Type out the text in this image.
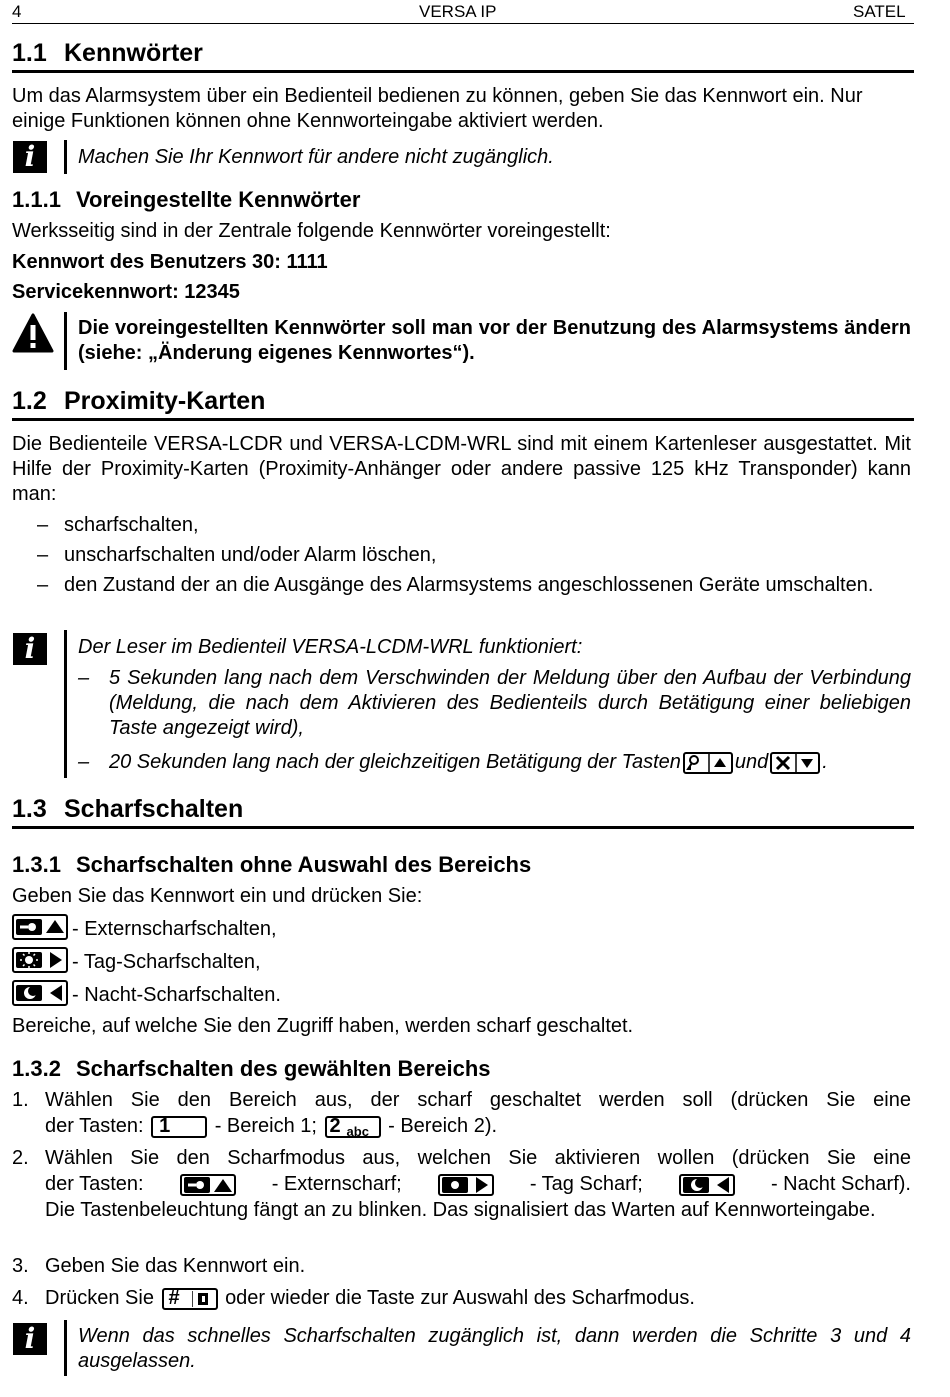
4	VERSA IP	SATEL
1.1 Kennwörter
Um das Alarmsystem über ein Bedienteil bedienen zu können, geben Sie das Kennwort ein. Nur einige Funktionen können ohne Kennworteingabe aktiviert werden.
i	Machen Sie Ihr Kennwort für andere nicht zugänglich.
1.1.1 Voreingestellte Kennwörter
Werksseitig sind in der Zentrale folgende Kennwörter voreingestellt:
Kennwort des Benutzers 30: 1111
Servicekennwort: 12345
Die voreingestellten Kennwörter soll man vor der Benutzung des Alarmsystems ändern (siehe: „Änderung eigenes Kennwortes“).
1.2 Proximity-Karten
Die Bedienteile VERSA-LCDR und VERSA-LCDM-WRL sind mit einem Kartenleser ausgestattet. Mit Hilfe der Proximity-Karten (Proximity-Anhänger oder andere passive 125 kHz Transponder) kann man:
– scharfschalten,
– unscharfschalten und/oder Alarm löschen,
– den Zustand der an die Ausgänge des Alarmsystems angeschlossenen Geräte umschalten.
i	Der Leser im Bedienteil VERSA-LCDM-WRL funktioniert:
– 5 Sekunden lang nach dem Verschwinden der Meldung über den Aufbau der Verbindung (Meldung, die nach dem Aktivieren des Bedienteils durch Betätigung einer beliebigen Taste angezeigt wird),
– 20 Sekunden lang nach der gleichzeitigen Betätigung der Tasten	und	.
1.3 Scharfschalten
1.3.1 Scharfschalten ohne Auswahl des Bereichs
Geben Sie das Kennwort ein und drücken Sie:
- Externscharfschalten,
- Tag-Scharfschalten,
- Nacht-Scharfschalten.
Bereiche, auf welche Sie den Zugriff haben, werden scharf geschaltet.
1.3.2 Scharfschalten des gewählten Bereichs
1. Wählen Sie den Bereich aus, der scharf geschaltet werden soll (drücken Sie eine
der Tasten: 1 - Bereich 1; 2 abc - Bereich 2).
2. Wählen Sie den Scharfmodus aus, welchen Sie aktivieren wollen (drücken Sie eine
der Tasten:	- Externscharf;	- Tag Scharf;	- Nacht Scharf).
Die Tastenbeleuchtung fängt an zu blinken. Das signalisiert das Warten auf Kennworteingabe.
3. Geben Sie das Kennwort ein.
4. Drücken Sie # oder wieder die Taste zur Auswahl des Scharfmodus.
i	Wenn das schnelles Scharfschalten zugänglich ist, dann werden die Schritte 3 und 4 ausgelassen.
